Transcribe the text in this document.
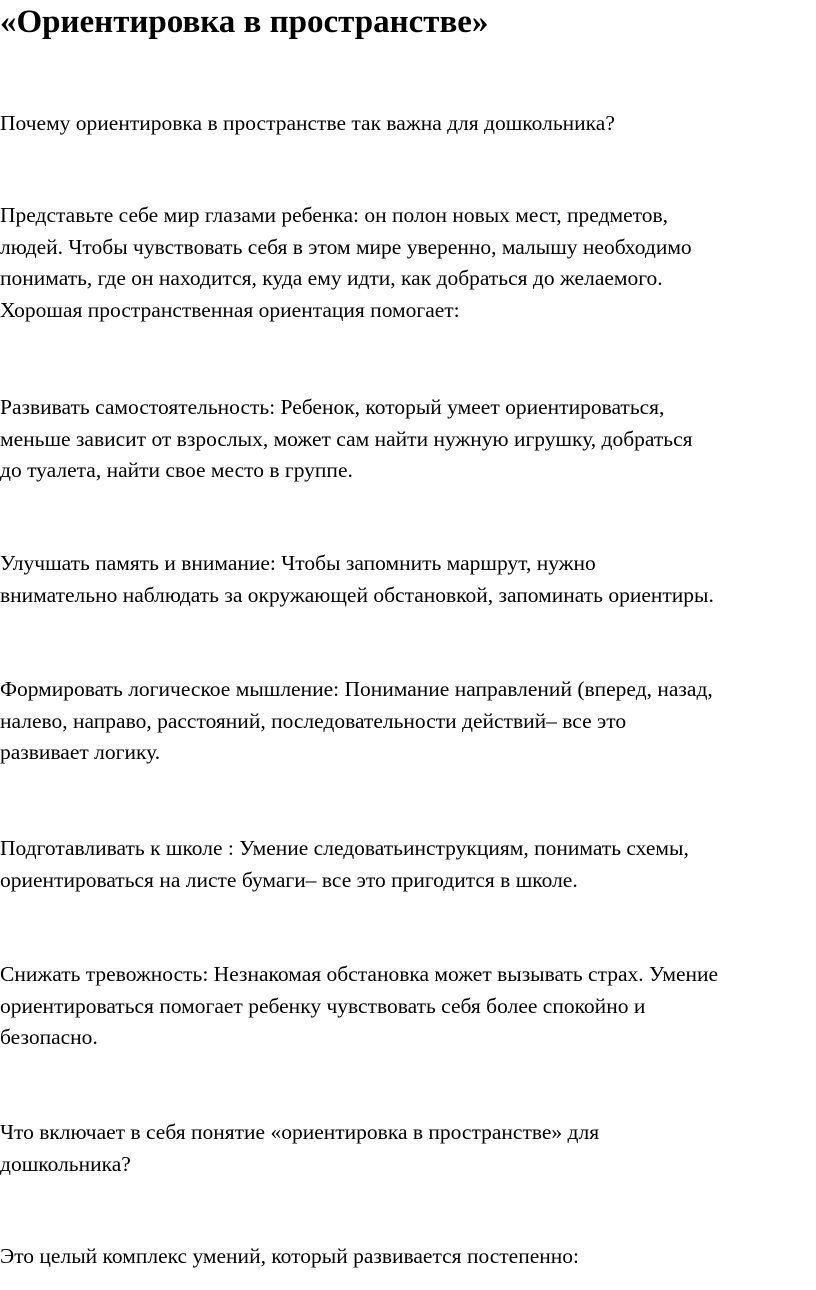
«Ориентировка в пространстве»

Почему ориентировка в пространстве так важна для дошкольника?

Представьте себе мир глазами ребенка: он полон новых мест, предметов,
людей. Чтобы чувствовать себя в этом мире уверенно, малышу необходимо
понимать, где он находится, куда ему идти, как добраться до желаемого.
Хорошая пространственная ориентация помогает:

Развивать самостоятельность: Ребенок, который умеет ориентироваться,
меньше зависит от взрослых, может сам найти нужную игрушку, добраться
до туалета, найти свое место в группе.

Улучшать память и внимание: Чтобы запомнить маршрут, нужно
внимательно наблюдать за окружающей обстановкой, запоминать ориентиры.

Формировать логическое мышление: Понимание направлений (вперед, назад,
налево, направо, расстояний, последовательности действий– все это
развивает логику.

Подготавливать к школе : Умение следоватьинструкциям, понимать схемы,
ориентироваться на листе бумаги– все это пригодится в школе.

Снижать тревожность: Незнакомая обстановка может вызывать страх. Умение
ориентироваться помогает ребенку чувствовать себя более спокойно и
безопасно.

Что включает в себя понятие «ориентировка в пространстве» для
дошкольника?

Это целый комплекс умений, который развивается постепенно:
